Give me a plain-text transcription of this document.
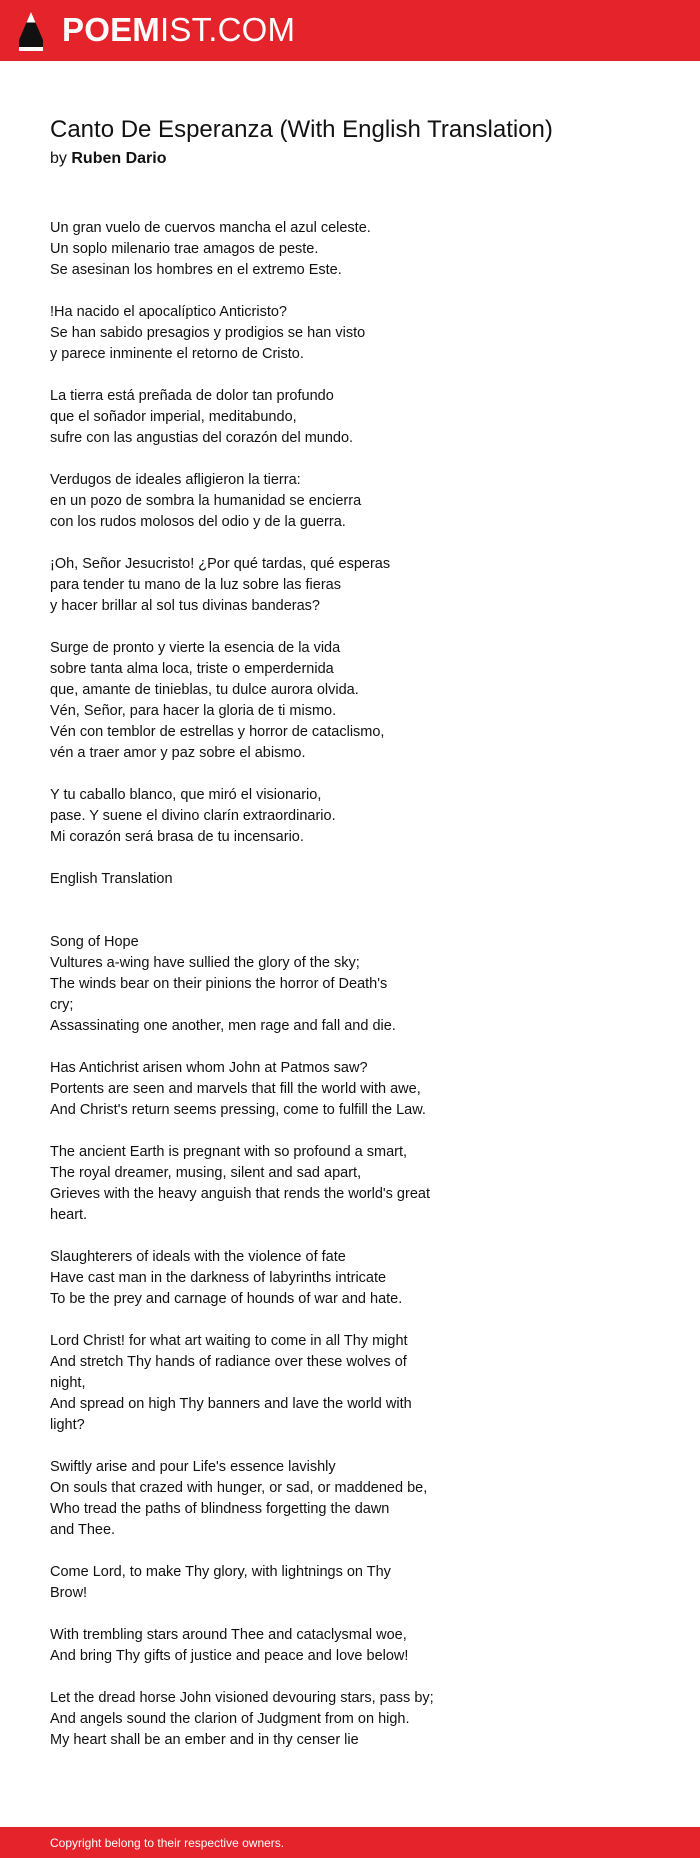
POEMIST.COM
Canto De Esperanza (With English Translation)
by Ruben Dario
Un gran vuelo de cuervos mancha el azul celeste.
Un soplo milenario trae amagos de peste.
Se asesinan los hombres en el extremo Este.
!Ha nacido el apocalíptico Anticristo?
Se han sabido presagios y prodigios se han visto
y parece inminente el retorno de Cristo.
La tierra está preñada de dolor tan profundo
que el soñador imperial, meditabundo,
sufre con las angustias del corazón del mundo.
Verdugos de ideales afligieron la tierra:
en un pozo de sombra la humanidad se encierra
con los rudos molosos del odio y de la guerra.
¡Oh, Señor Jesucristo! ¿Por qué tardas, qué esperas
para tender tu mano de la luz sobre las fieras
y hacer brillar al sol tus divinas banderas?
Surge de pronto y vierte la esencia de la vida
sobre tanta alma loca, triste o emperdernida
que, amante de tinieblas, tu dulce aurora olvida.
Vén, Señor, para hacer la gloria de ti mismo.
Vén con temblor de estrellas y horror de cataclismo,
vén a traer amor y paz sobre el abismo.
Y tu caballo blanco, que miró el visionario,
pase. Y suene el divino clarín extraordinario.
Mi corazón será brasa de tu incensario.
English Translation
Song of Hope
Vultures a-wing have sullied the glory of the sky;
The winds bear on their pinions the horror of Death's
cry;
Assassinating one another, men rage and fall and die.
Has Antichrist arisen whom John at Patmos saw?
Portents are seen and marvels that fill the world with awe,
And Christ's return seems pressing, come to fulfill the Law.
The ancient Earth is pregnant with so profound a smart,
The royal dreamer, musing, silent and sad apart,
Grieves with the heavy anguish that rends the world's great
heart.
Slaughterers of ideals with the violence of fate
Have cast man in the darkness of labyrinths intricate
To be the prey and carnage of hounds of war and hate.
Lord Christ! for what art waiting to come in all Thy might
And stretch Thy hands of radiance over these wolves of
night,
And spread on high Thy banners and lave the world with
light?
Swiftly arise and pour Life's essence lavishly
On souls that crazed with hunger, or sad, or maddened be,
Who tread the paths of blindness forgetting the dawn
and Thee.
Come Lord, to make Thy glory, with lightnings on Thy
Brow!
With trembling stars around Thee and cataclysmal woe,
And bring Thy gifts of justice and peace and love below!
Let the dread horse John visioned devouring stars, pass by;
And angels sound the clarion of Judgment from on high.
My heart shall be an ember and in thy censer lie
Copyright belong to their respective owners.
